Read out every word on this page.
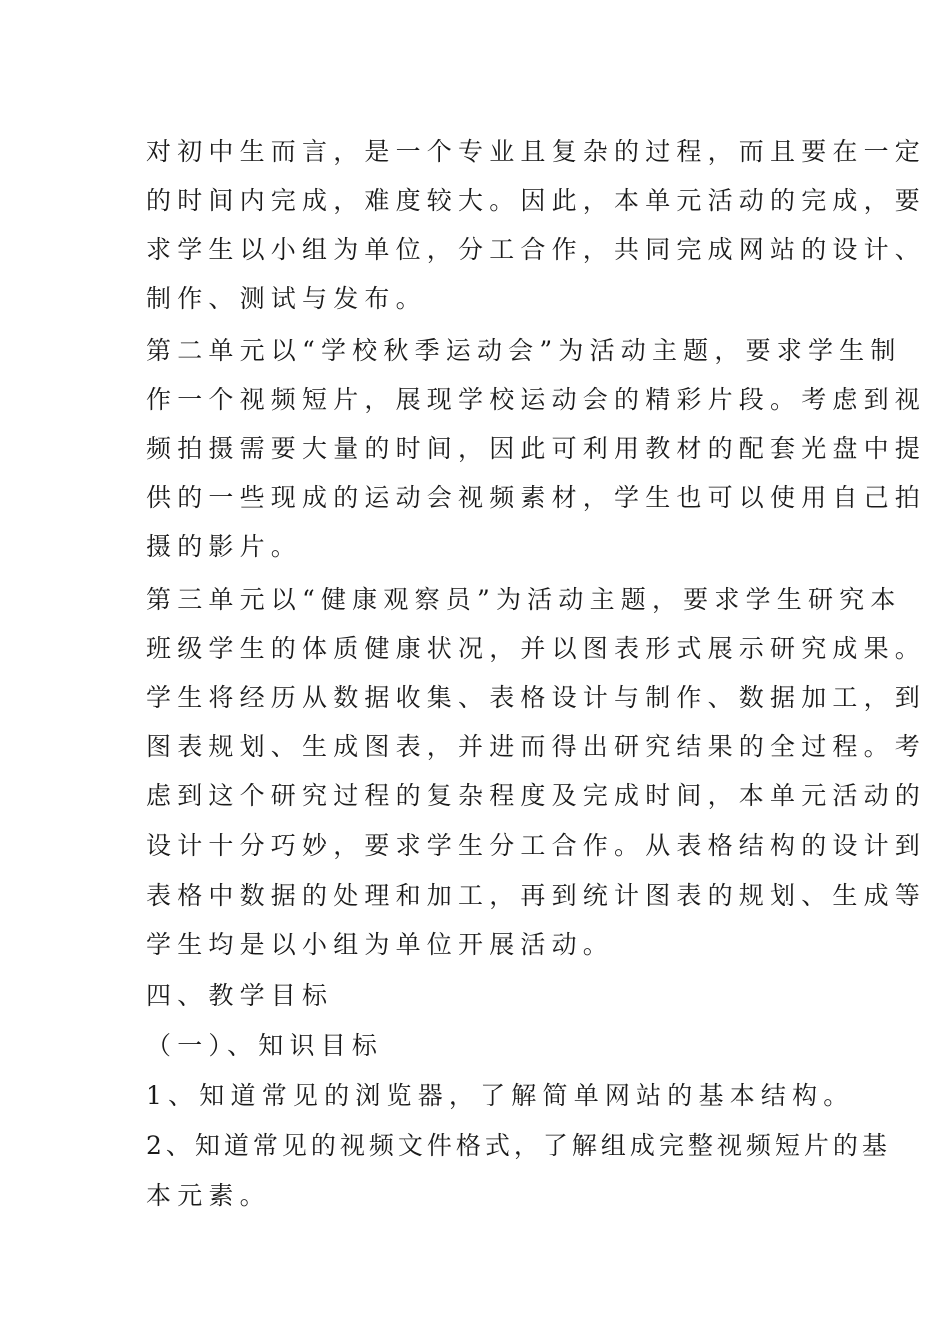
对初中生而言，是一个专业且复杂的过程，而且要在一定
的时间内完成，难度较大。因此，本单元活动的完成，要
求学生以小组为单位，分工合作，共同完成网站的设计、
制作、测试与发布。
第二单元以“学校秋季运动会”为活动主题，要求学生制
作一个视频短片，展现学校运动会的精彩片段。考虑到视
频拍摄需要大量的时间，因此可利用教材的配套光盘中提
供的一些现成的运动会视频素材，学生也可以使用自己拍
摄的影片。
第三单元以“健康观察员”为活动主题，要求学生研究本
班级学生的体质健康状况，并以图表形式展示研究成果。
学生将经历从数据收集、表格设计与制作、数据加工，到
图表规划、生成图表，并进而得出研究结果的全过程。考
虑到这个研究过程的复杂程度及完成时间，本单元活动的
设计十分巧妙，要求学生分工合作。从表格结构的设计到
表格中数据的处理和加工，再到统计图表的规划、生成等
学生均是以小组为单位开展活动。
四、教学目标
（一）、知识目标
1、知道常见的浏览器，了解简单网站的基本结构。
2、知道常见的视频文件格式，了解组成完整视频短片的基
本元素。
